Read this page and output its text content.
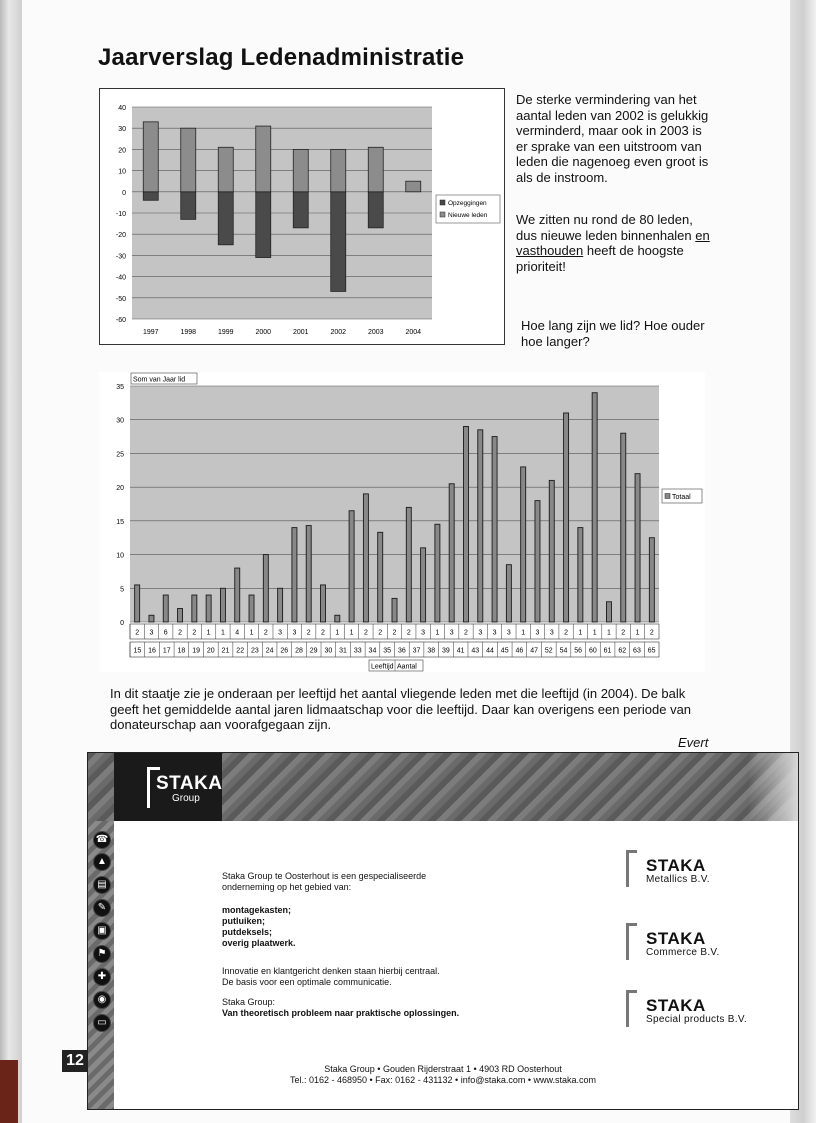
Jaarverslag Ledenadministratie
40
30
20
10
0
-10
-20
-30
-40
-50
-60
1997	1998	1999	2000	2001	2002	2003	2004
Opzeggingen
Nieuwe leden
De sterke vermindering van het aantal leden van 2002 is gelukkig verminderd, maar ook in 2003 is er sprake van een uitstroom van leden die nagenoeg even groot is als de instroom.
We zitten nu rond de 80 leden, dus nieuwe leden binnenhalen en vasthouden heeft de hoogste prioriteit!
Hoe lang zijn we lid? Hoe ouder hoe langer?
Som van Jaar lid
35
30
25
20
15
10
5
0
2 3 6 2 2 1 1 4 1 2 3 3 2 2 1 1 2 2 2 2 3 1 3 2 3 3 3 1 3 3 2 1 1 1 2 1 2
15 16 17 18 19 20 21 22 23 24 26 28 29 30 31 33 34 35 36 37 38 39 41 43 44 45 46 47 52 54 56 60 61 62 63 65
Leeftijd Aantal
Totaal
In dit staatje zie je onderaan per leeftijd het aantal vliegende leden met die leeftijd (in 2004). De balk geeft het gemiddelde aantal jaren lidmaatschap voor die leeftijd. Daar kan overigens een periode van donateurschap aan voorafgegaan zijn.
Evert
STAKA
Group
☎
▲
▤
✎
▣
⚑
✚
◉
▭
Staka Group te Oosterhout is een gespecialiseerde
onderneming op het gebied van:
montagekasten;
putluiken;
putdeksels;
overig plaatwerk.
Innovatie en klantgericht denken staan hierbij centraal.
De basis voor een optimale communicatie.
Staka Group:
Van theoretisch probleem naar praktische oplossingen.
STAKA
Metallics B.V.
STAKA
Commerce B.V.
STAKA
Special products B.V.
Staka Group • Gouden Rijderstraat 1 • 4903 RD Oosterhout
Tel.: 0162 - 468950 • Fax: 0162 - 431132 • info@staka.com • www.staka.com
12
